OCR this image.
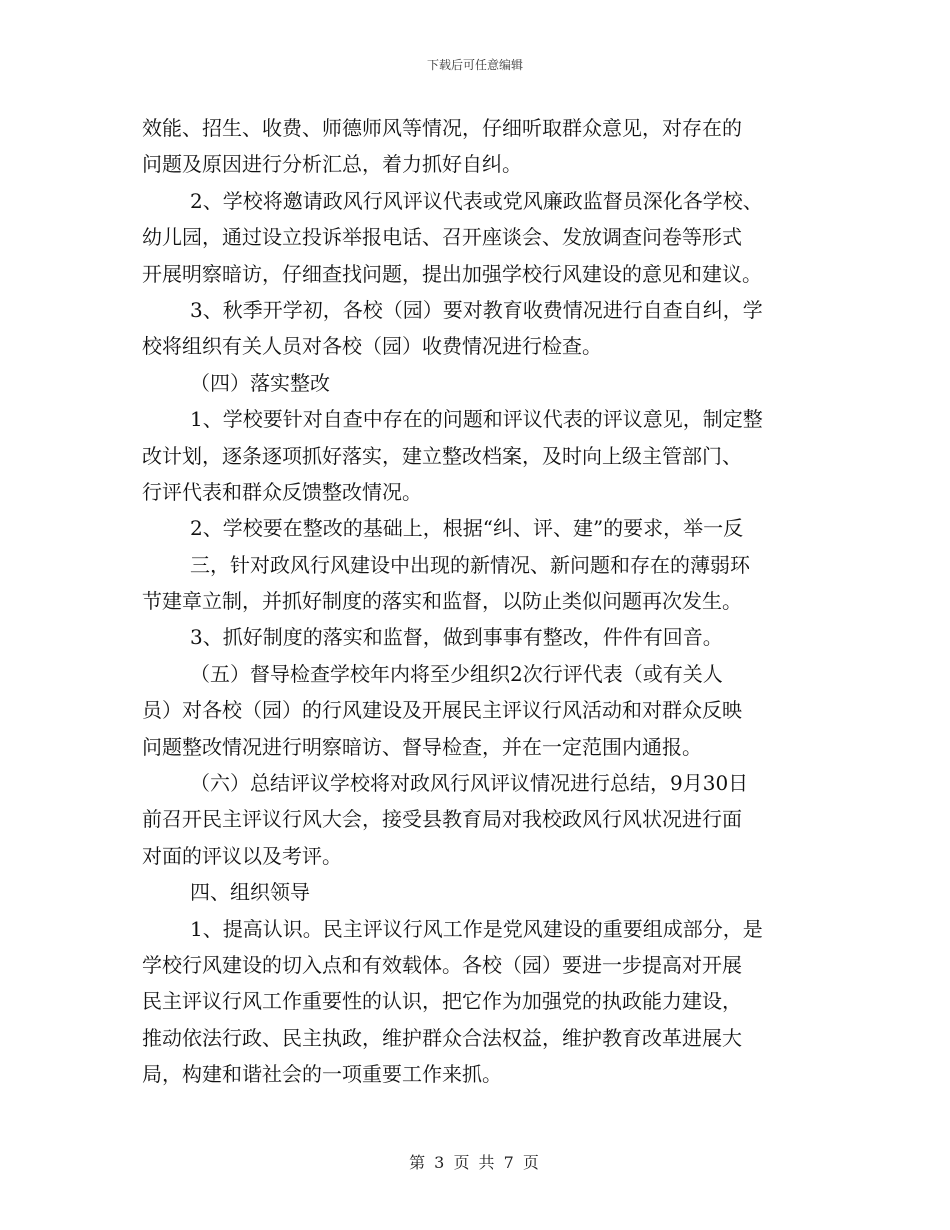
下载后可任意编辑
效能、招生、收费、师德师风等情况，仔细听取群众意见，对存在的
问题及原因进行分析汇总，着力抓好自纠。
2、学校将邀请政风行风评议代表或党风廉政监督员深化各学校、
幼儿园，通过设立投诉举报电话、召开座谈会、发放调查问卷等形式
开展明察暗访，仔细查找问题，提出加强学校行风建设的意见和建议。
3、秋季开学初，各校（园）要对教育收费情况进行自查自纠，学
校将组织有关人员对各校（园）收费情况进行检查。
（四）落实整改
1、学校要针对自查中存在的问题和评议代表的评议意见，制定整
改计划，逐条逐项抓好落实，建立整改档案，及时向上级主管部门、
行评代表和群众反馈整改情况。
2、学校要在整改的基础上，根据“纠、评、建”的要求，举一反
三，针对政风行风建设中出现的新情况、新问题和存在的薄弱环
节建章立制，并抓好制度的落实和监督，以防止类似问题再次发生。
3、抓好制度的落实和监督，做到事事有整改，件件有回音。
（五）督导检查学校年内将至少组织2次行评代表（或有关人
员）对各校（园）的行风建设及开展民主评议行风活动和对群众反映
问题整改情况进行明察暗访、督导检查，并在一定范围内通报。
（六）总结评议学校将对政风行风评议情况进行总结，9月30日
前召开民主评议行风大会，接受县教育局对我校政风行风状况进行面
对面的评议以及考评。
四、组织领导
1、提高认识。民主评议行风工作是党风建设的重要组成部分，是
学校行风建设的切入点和有效载体。各校（园）要进一步提高对开展
民主评议行风工作重要性的认识，把它作为加强党的执政能力建设，
推动依法行政、民主执政，维护群众合法权益，维护教育改革进展大
局，构建和谐社会的一项重要工作来抓。
第 3 页 共 7 页
